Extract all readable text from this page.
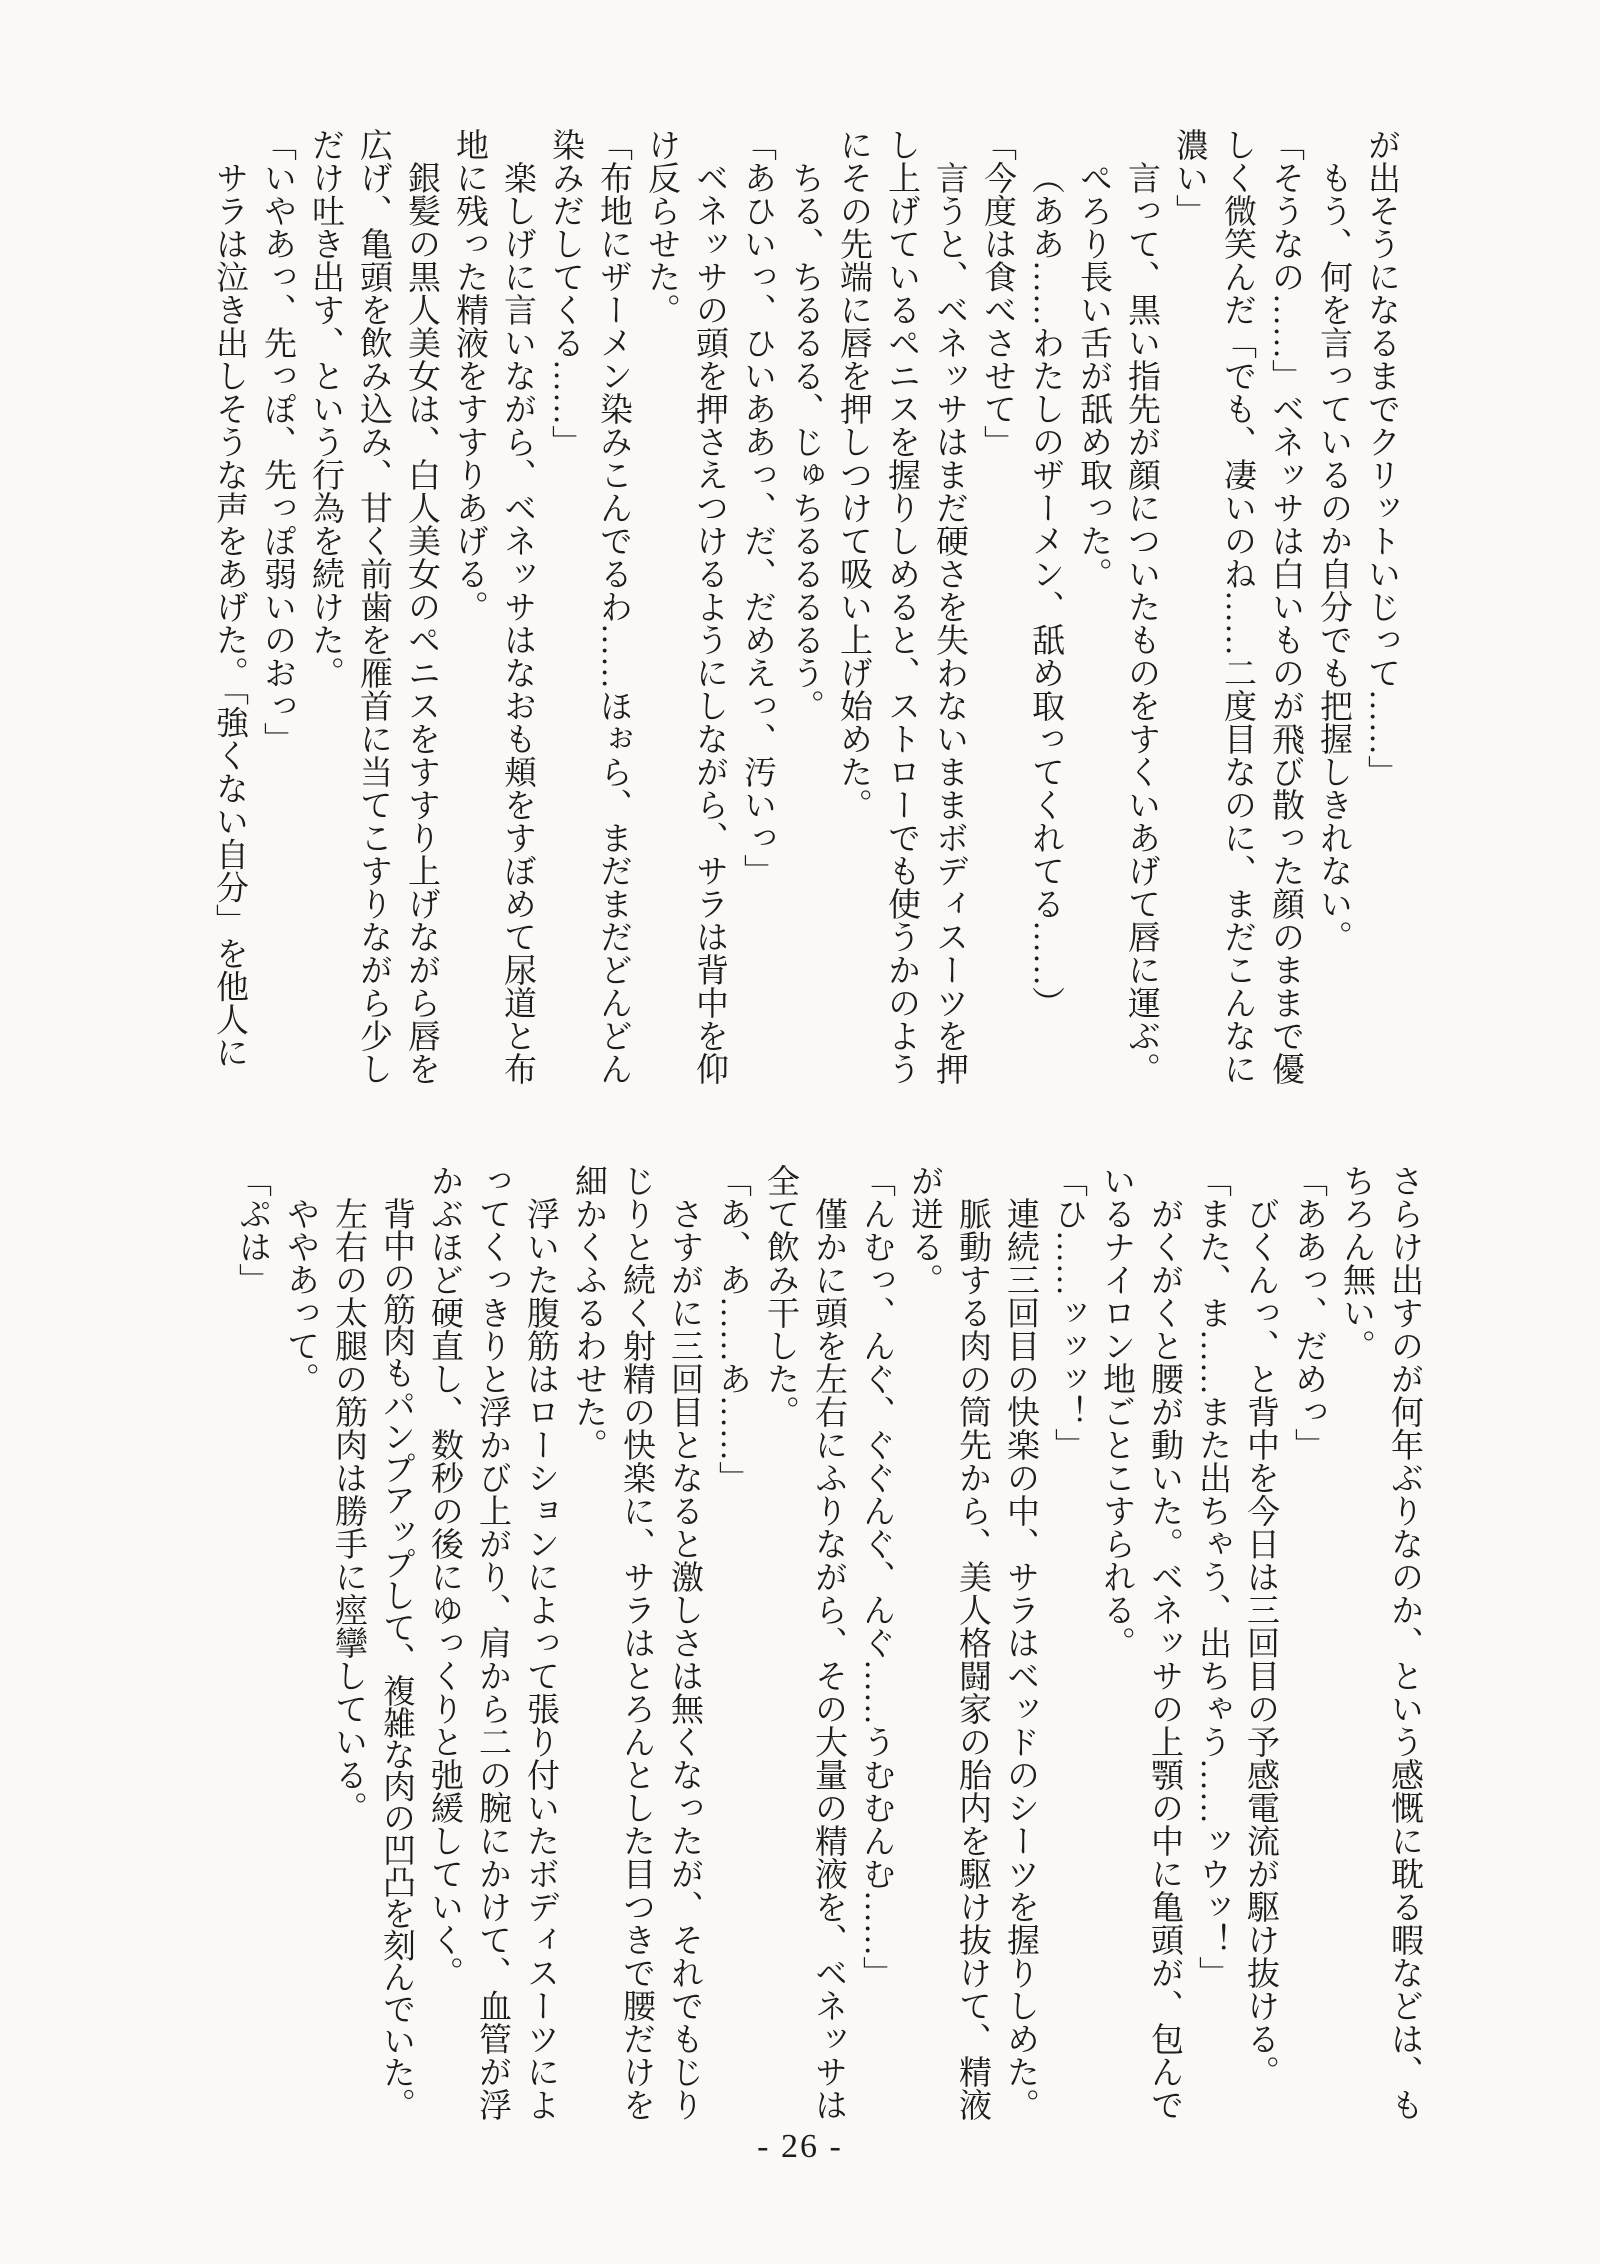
が出そうになるまでクリットいじって……」

もう、何を言っているのか自分でも把握しきれない。

「そうなの……」ベネッサは白いものが飛び散った顔のままで優しく微笑んだ「でも、凄いのね……二度目なのに、まだこんなに濃い」

言って、黒い指先が顔についたものをすくいあげて唇に運ぶ。

ぺろり長い舌が舐め取った。

（ああ……わたしのザーメン、舐め取ってくれてる……）

「今度は食べさせて」

言うと、ベネッサはまだ硬さを失わないままボディスーツを押し上げているペニスを握りしめると、ストローでも使うかのようにその先端に唇を押しつけて吸い上げ始めた。

ちる、ちるるる、じゅちるるるるう。

「あひいっ、ひいああっ、だ、だめえっ、汚いっ」

ベネッサの頭を押さえつけるようにしながら、サラは背中を仰け反らせた。

「布地にザーメン染みこんでるわ……ほぉら、まだまだどんどん染みだしてくる……」

楽しげに言いながら、ベネッサはなおも頬をすぼめて尿道と布地に残った精液をすすりあげる。

銀髪の黒人美女は、白人美女のペニスをすすり上げながら唇を広げ、亀頭を飲み込み、甘く前歯を雁首に当てこすりながら少しだけ吐き出す、という行為を続けた。

「いやあっ、先っぽ、先っぽ弱いのおっ」

サラは泣き出しそうな声をあげた。「強くない自分」を他人に

さらけ出すのが何年ぶりなのか、という感慨に耽る暇などは、もちろん無い。

「ああっ、だめっ」

びくんっ、と背中を今日は三回目の予感電流が駆け抜ける。

「また、ま……また出ちゃう、出ちゃう……ッウッ！」

がくがくと腰が動いた。ベネッサの上顎の中に亀頭が、包んでいるナイロン地ごとこすられる。

「ひ……ッッッ！」

連続三回目の快楽の中、サラはベッドのシーツを握りしめた。

脈動する肉の筒先から、美人格闘家の胎内を駆け抜けて、精液が迸る。

「んむっ、んぐ、ぐぐんぐ、んぐ……うむむんむ……」

僅かに頭を左右にふりながら、その大量の精液を、ベネッサは全て飲み干した。

「あ、あ……あ……」

さすがに三回目となると激しさは無くなったが、それでもじりじりと続く射精の快楽に、サラはとろんとした目つきで腰だけを細かくふるわせた。

浮いた腹筋はローションによって張り付いたボディスーツによってくっきりと浮かび上がり、肩から二の腕にかけて、血管が浮かぶほど硬直し、数秒の後にゆっくりと弛緩していく。

背中の筋肉もパンプアップして、複雑な肉の凹凸を刻んでいた。

左右の太腿の筋肉は勝手に痙攣している。

ややあって。

「ぷは」

- 26 -
